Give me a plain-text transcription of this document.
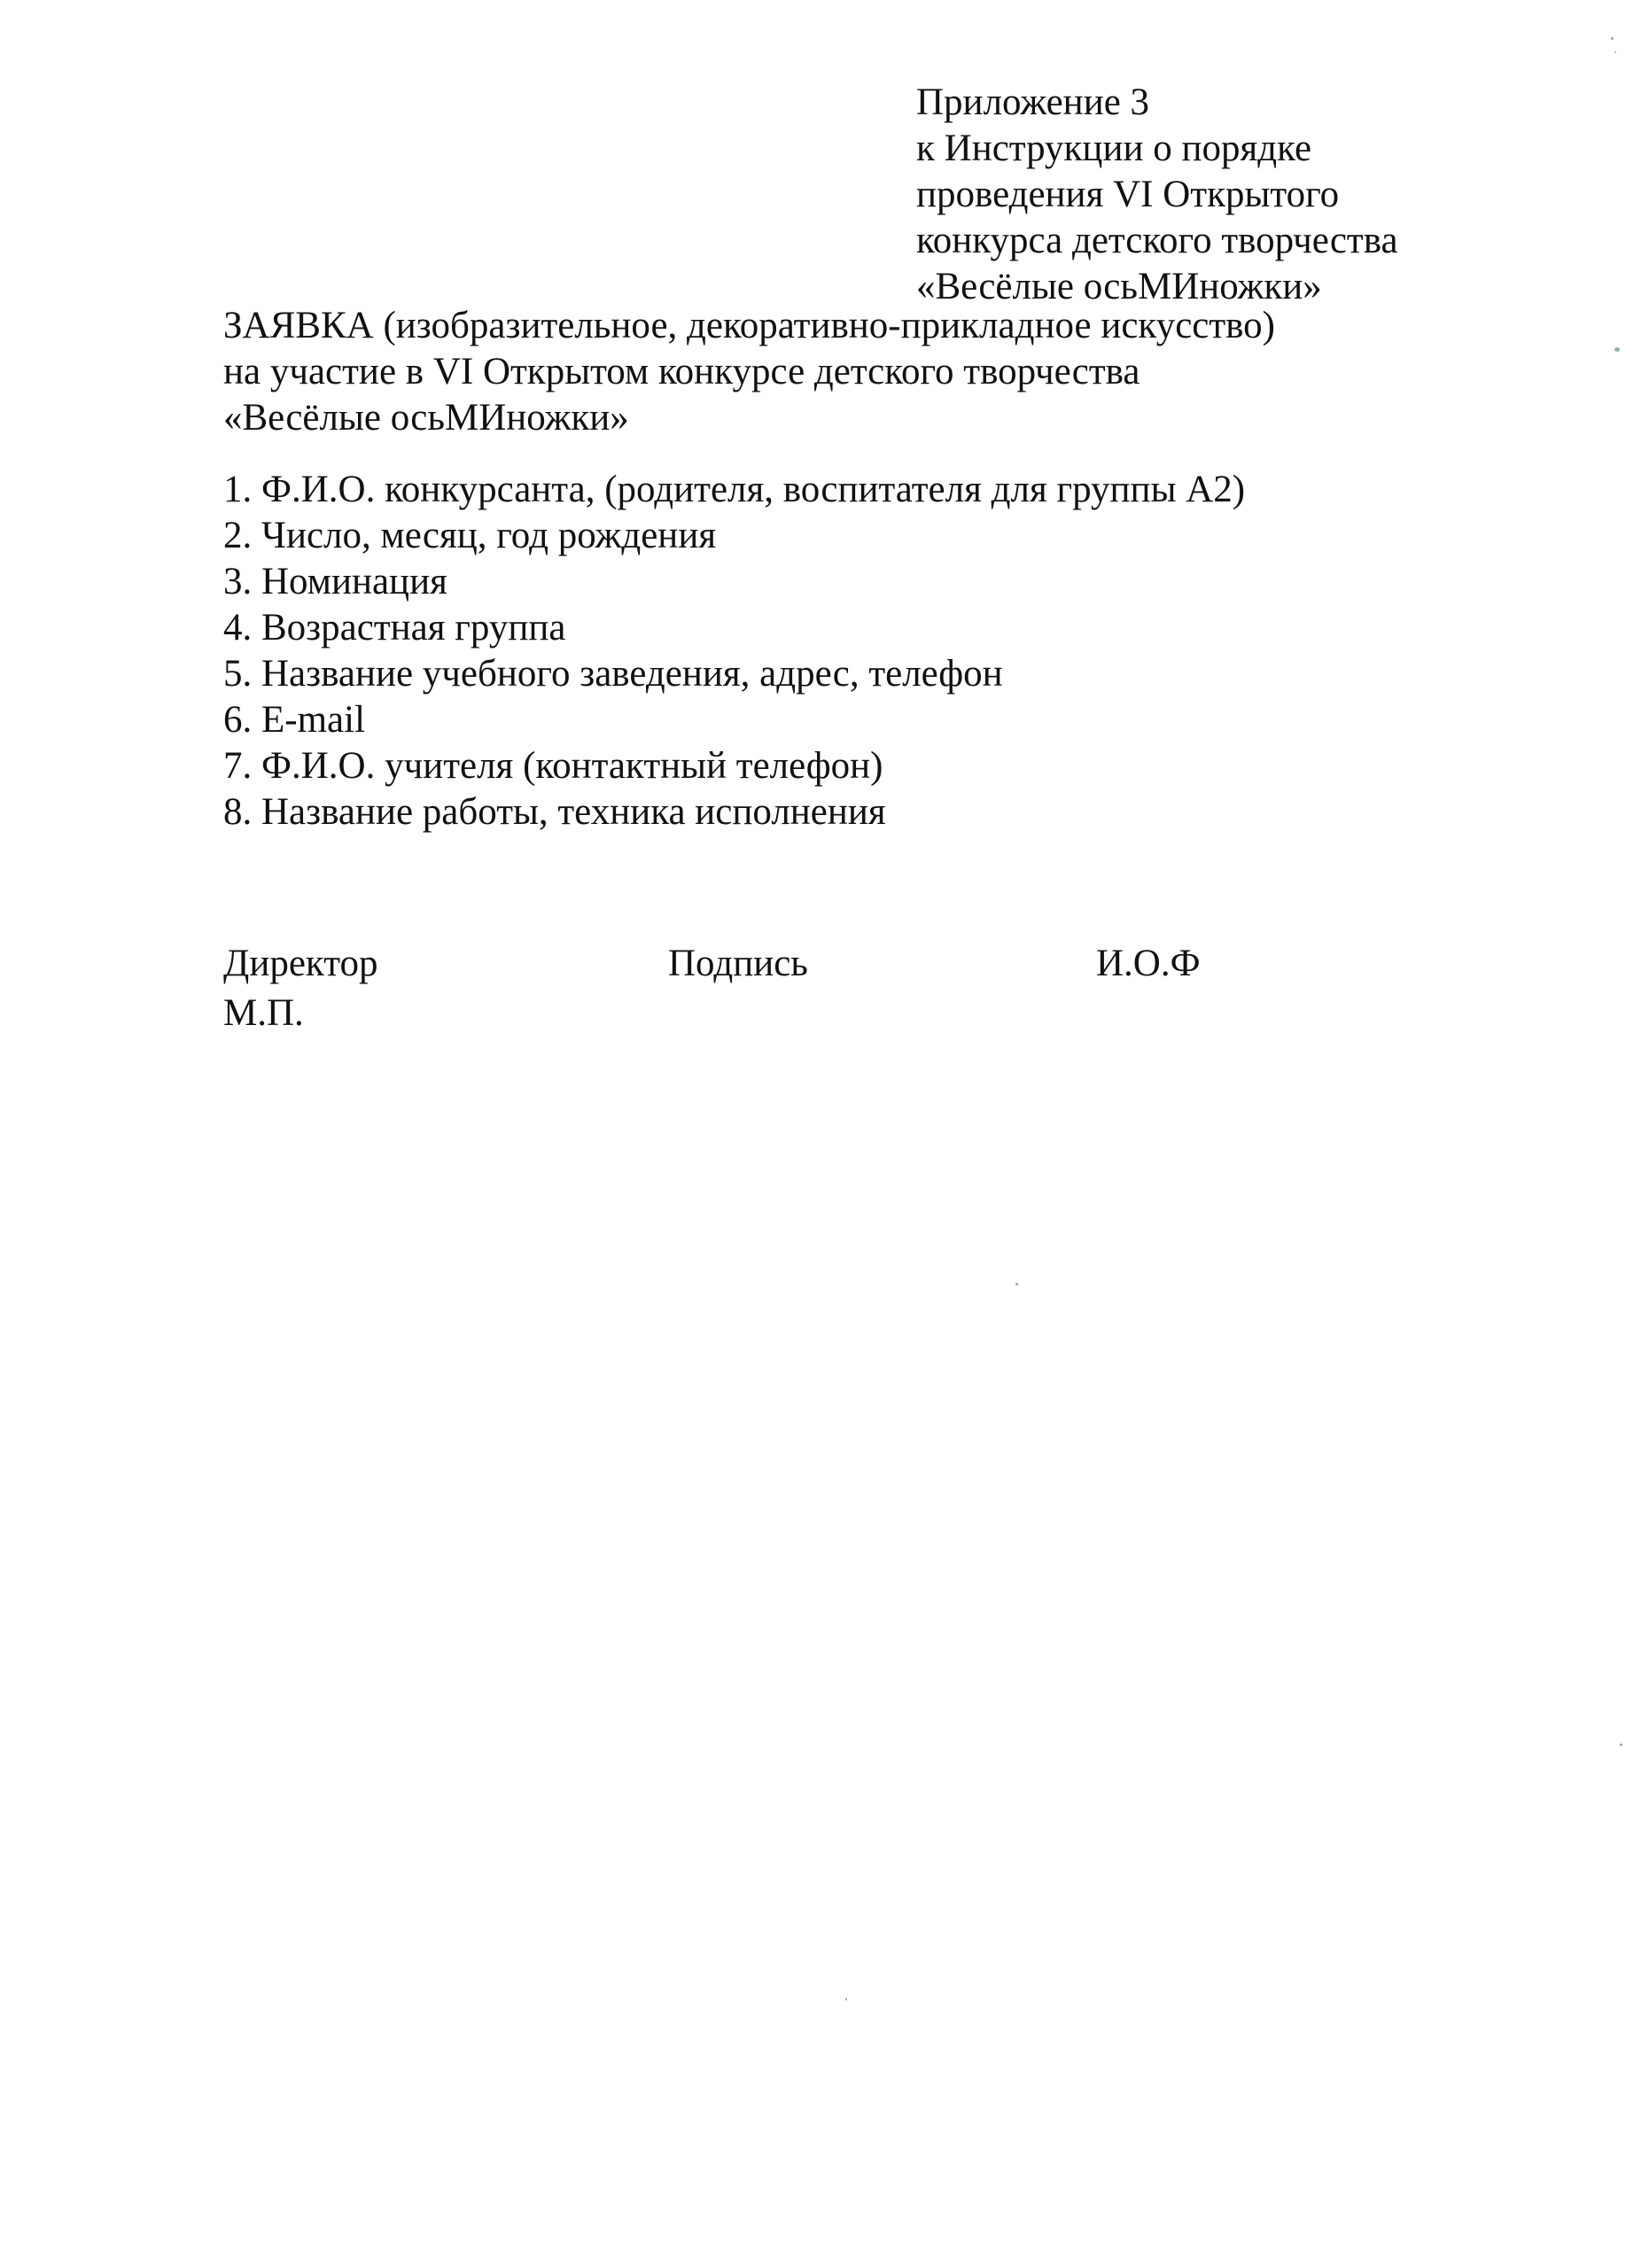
Приложение 3
к Инструкции о порядке
проведения VI Открытого
конкурса детского творчества
«Весёлые осьМИножки»
ЗАЯВКА (изобразительное, декоративно-прикладное искусство)
на участие в VI Открытом конкурсе детского творчества
«Весёлые осьМИножки»
1. Ф.И.О. конкурсанта, (родителя, воспитателя для группы А2)
2. Число, месяц, год рождения
3. Номинация
4. Возрастная группа
5. Название учебного заведения, адрес, телефон
6. E-mail
7. Ф.И.О. учителя (контактный телефон)
8. Название работы, техника исполнения
Директор	Подпись	И.О.Ф
М.П.
